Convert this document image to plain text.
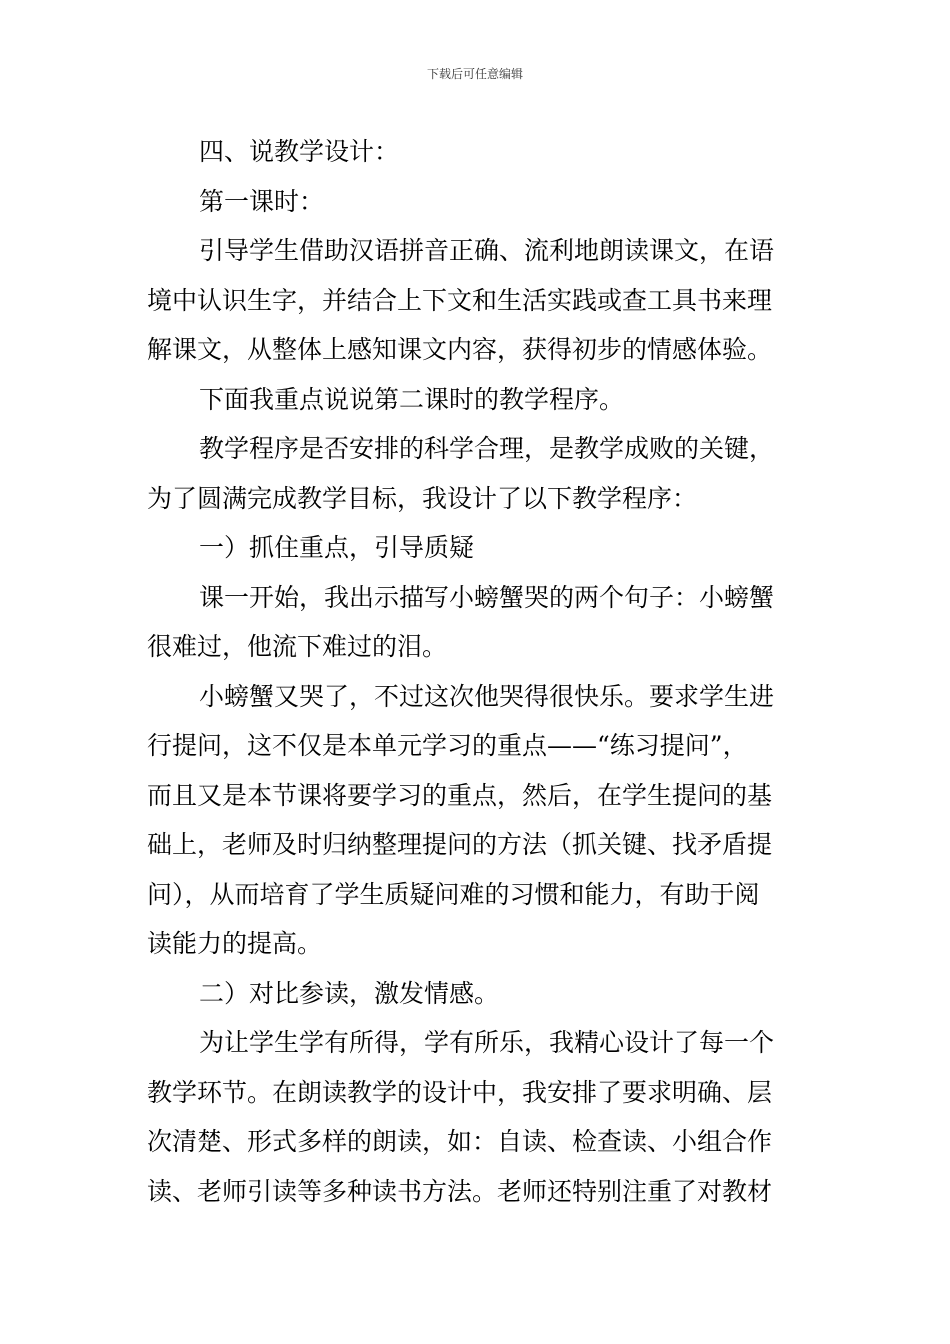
下载后可任意编辑
四、说教学设计：
第一课时：
引导学生借助汉语拼音正确、流利地朗读课文，在语
境中认识生字，并结合上下文和生活实践或查工具书来理
解课文，从整体上感知课文内容，获得初步的情感体验。
下面我重点说说第二课时的教学程序。
教学程序是否安排的科学合理，是教学成败的关键，
为了圆满完成教学目标，我设计了以下教学程序：
一）抓住重点，引导质疑
课一开始，我出示描写小螃蟹哭的两个句子：小螃蟹
很难过，他流下难过的泪。
小螃蟹又哭了，不过这次他哭得很快乐。要求学生进
行提问，这不仅是本单元学习的重点——“练习提问”，
而且又是本节课将要学习的重点，然后，在学生提问的基
础上，老师及时归纳整理提问的方法（抓关键、找矛盾提
问），从而培育了学生质疑问难的习惯和能力，有助于阅
读能力的提高。
二）对比参读，激发情感。
为让学生学有所得，学有所乐，我精心设计了每一个
教学环节。在朗读教学的设计中，我安排了要求明确、层
次清楚、形式多样的朗读，如：自读、检查读、小组合作
读、老师引读等多种读书方法。老师还特别注重了对教材
